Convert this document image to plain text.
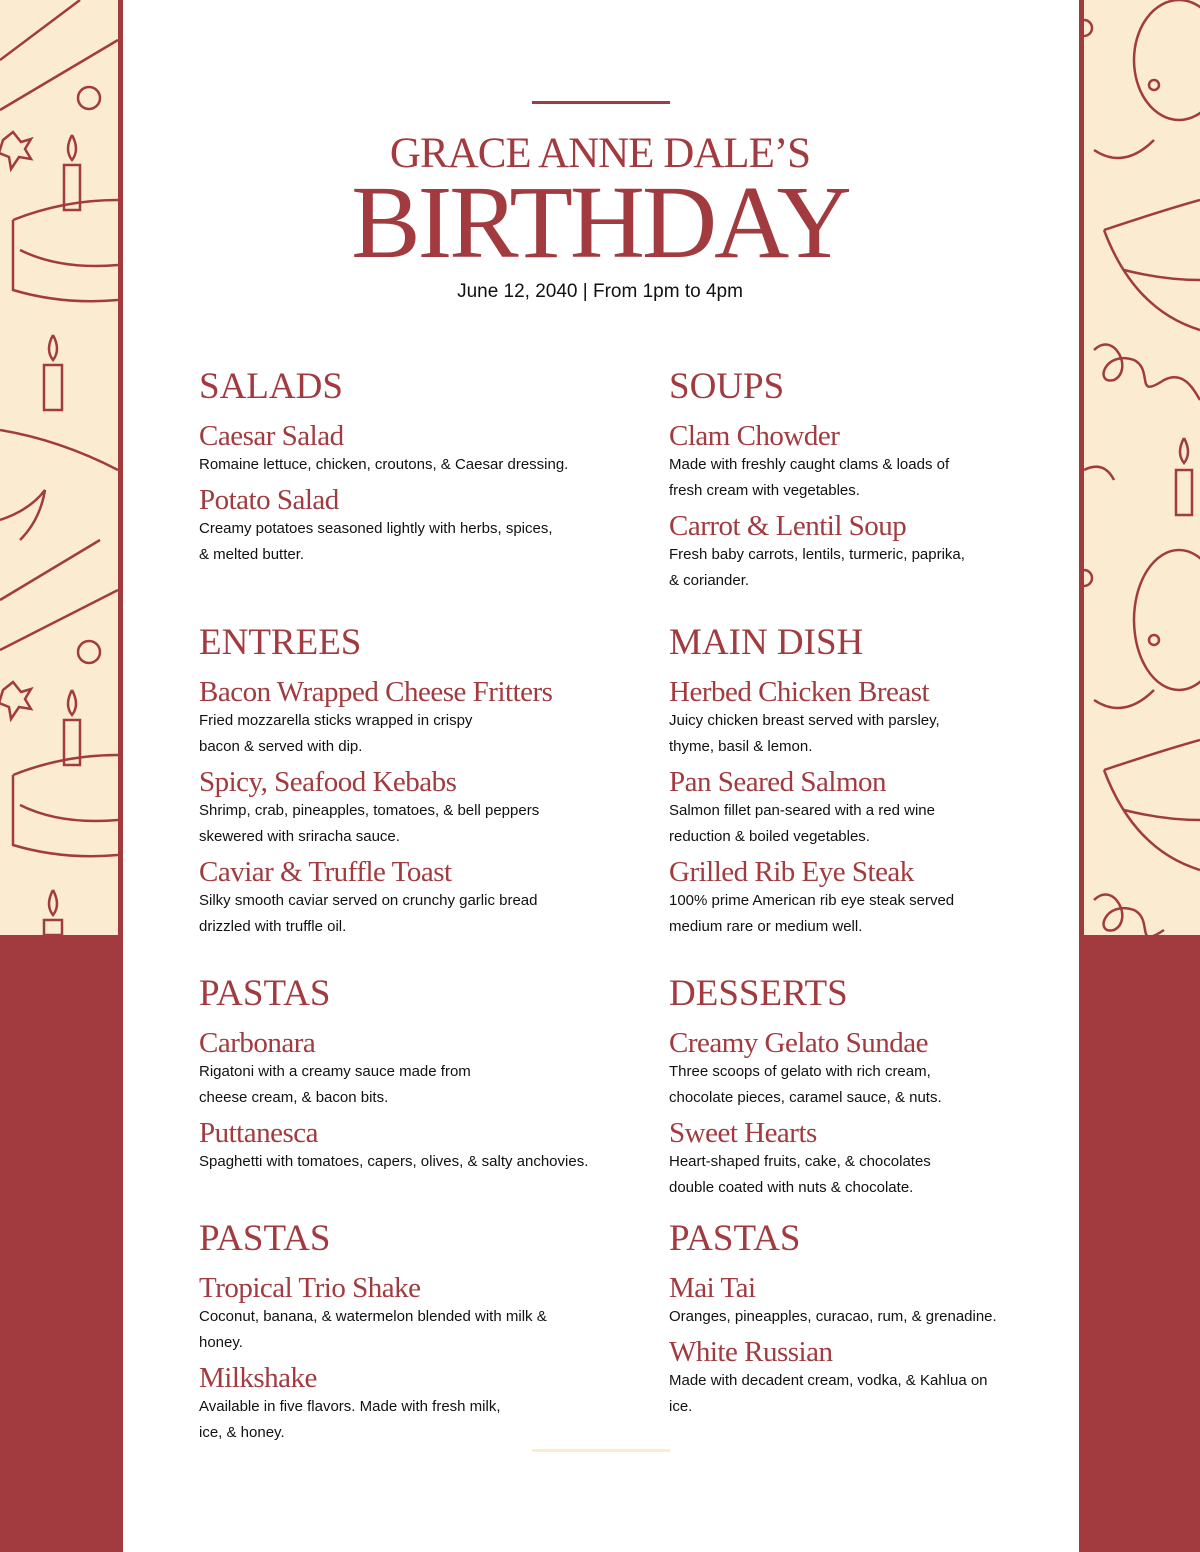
GRACE ANNE DALE’S
BIRTHDAY
June 12, 2040 | From 1pm to 4pm
SALADS
Caesar Salad
Romaine lettuce, chicken, croutons, & Caesar dressing.
Potato Salad
Creamy potatoes seasoned lightly with herbs, spices,
& melted butter.
SOUPS
Clam Chowder
Made with freshly caught clams & loads of
fresh cream with vegetables.
Carrot & Lentil Soup
Fresh baby carrots, lentils, turmeric, paprika,
& coriander.
ENTREES
Bacon Wrapped Cheese Fritters
Fried mozzarella sticks wrapped in crispy
bacon & served with dip.
Spicy, Seafood Kebabs
Shrimp, crab, pineapples, tomatoes, & bell peppers
skewered with sriracha sauce.
Caviar & Truffle Toast
Silky smooth caviar served on crunchy garlic bread
drizzled with truffle oil.
MAIN DISH
Herbed Chicken Breast
Juicy chicken breast served with parsley,
thyme, basil & lemon.
Pan Seared Salmon
Salmon fillet pan-seared with a red wine
reduction & boiled vegetables.
Grilled Rib Eye Steak
100% prime American rib eye steak served
medium rare or medium well.
PASTAS
Carbonara
Rigatoni with a creamy sauce made from
cheese cream, & bacon bits.
Puttanesca
Spaghetti with tomatoes, capers, olives, & salty anchovies.
DESSERTS
Creamy Gelato Sundae
Three scoops of gelato with rich cream,
chocolate pieces, caramel sauce, & nuts.
Sweet Hearts
Heart-shaped fruits, cake, & chocolates
double coated with nuts & chocolate.
PASTAS
Tropical Trio Shake
Coconut, banana, & watermelon blended with milk &
honey.
Milkshake
Available in five flavors. Made with fresh milk,
ice, & honey.
PASTAS
Mai Tai
Oranges, pineapples, curacao, rum, & grenadine.
White Russian
Made with decadent cream, vodka, & Kahlua on
ice.
